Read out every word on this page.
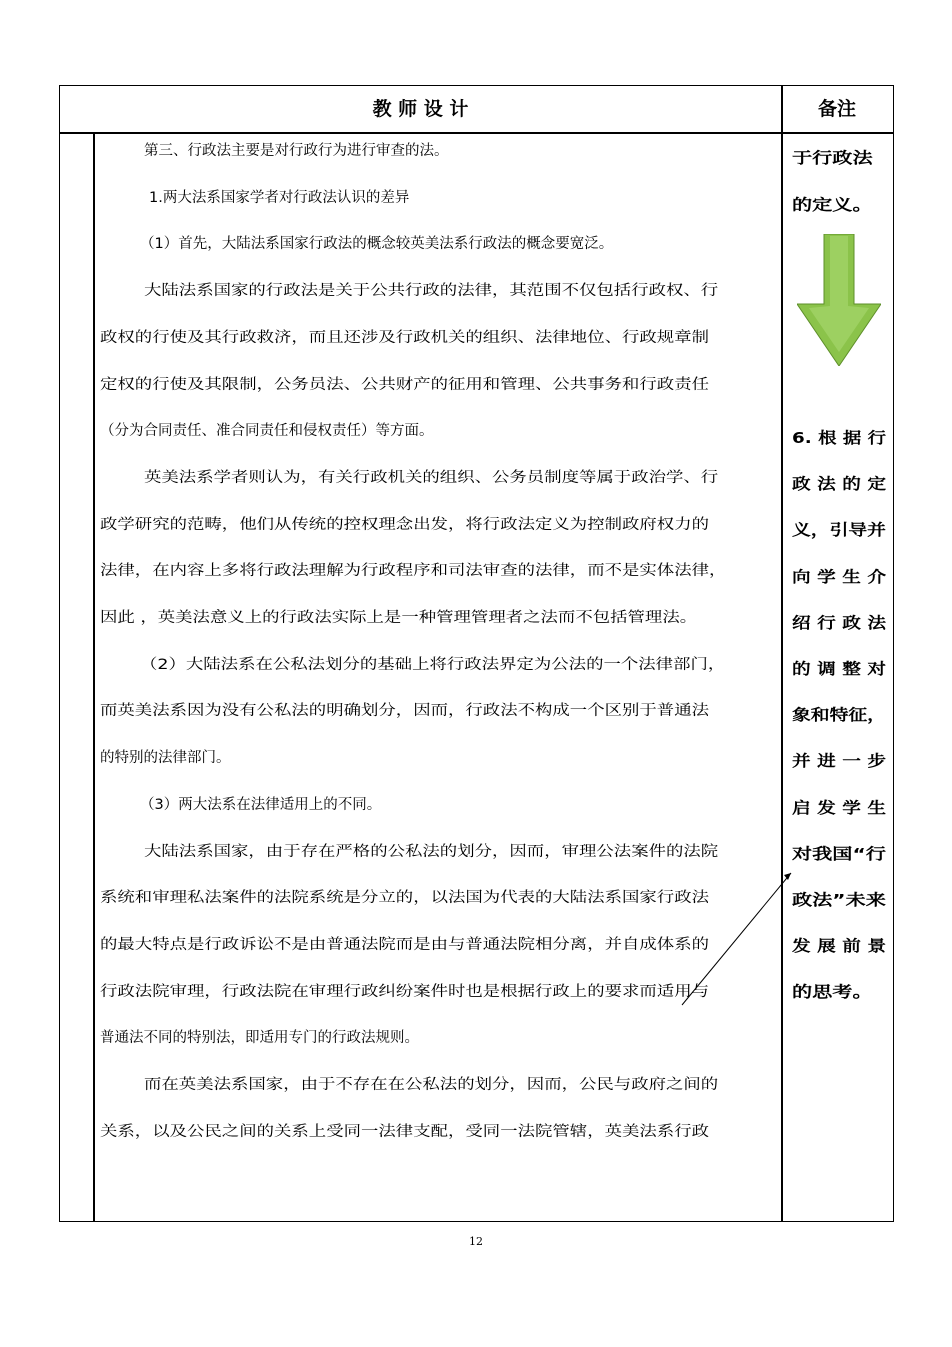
教 师 设 计	备注
第三、行政法主要是对行政行为进行审查的法。
1.两大法系国家学者对行政法认识的差异
（1）首先，大陆法系国家行政法的概念较英美法系行政法的概念要宽泛。
大陆法系国家的行政法是关于公共行政的法律，其范围不仅包括行政权、行
政权的行使及其行政救济，而且还涉及行政机关的组织、法律地位、行政规章制
定权的行使及其限制，公务员法、公共财产的征用和管理、公共事务和行政责任
（分为合同责任、准合同责任和侵权责任）等方面。
英美法系学者则认为，有关行政机关的组织、公务员制度等属于政治学、行
政学研究的范畴，他们从传统的控权理念出发，将行政法定义为控制政府权力的
法律，在内容上多将行政法理解为行政程序和司法审查的法律，而不是实体法律，
因此 ，英美法意义上的行政法实际上是一种管理管理者之法而不包括管理法。
（2）大陆法系在公私法划分的基础上将行政法界定为公法的一个法律部门，
而英美法系因为没有公私法的明确划分，因而，行政法不构成一个区别于普通法
的特别的法律部门。
（3）两大法系在法律适用上的不同。
大陆法系国家，由于存在严格的公私法的划分，因而，审理公法案件的法院
系统和审理私法案件的法院系统是分立的，以法国为代表的大陆法系国家行政法
的最大特点是行政诉讼不是由普通法院而是由与普通法院相分离，并自成体系的
行政法院审理，行政法院在审理行政纠纷案件时也是根据行政上的要求而适用与
普通法不同的特别法，即适用专门的行政法规则。
而在英美法系国家，由于不存在在公私法的划分，因而，公民与政府之间的
关系，以及公民之间的关系上受同一法律支配，受同一法院管辖，英美法系行政
于行政法
的定义。
6. 根 据 行
政 法 的 定
义，引导并
向 学 生 介
绍 行 政 法
的 调 整 对
象和特征，
并 进 一 步
启 发 学 生
对我国“行
政法”未来
发 展 前 景
的思考。
12
